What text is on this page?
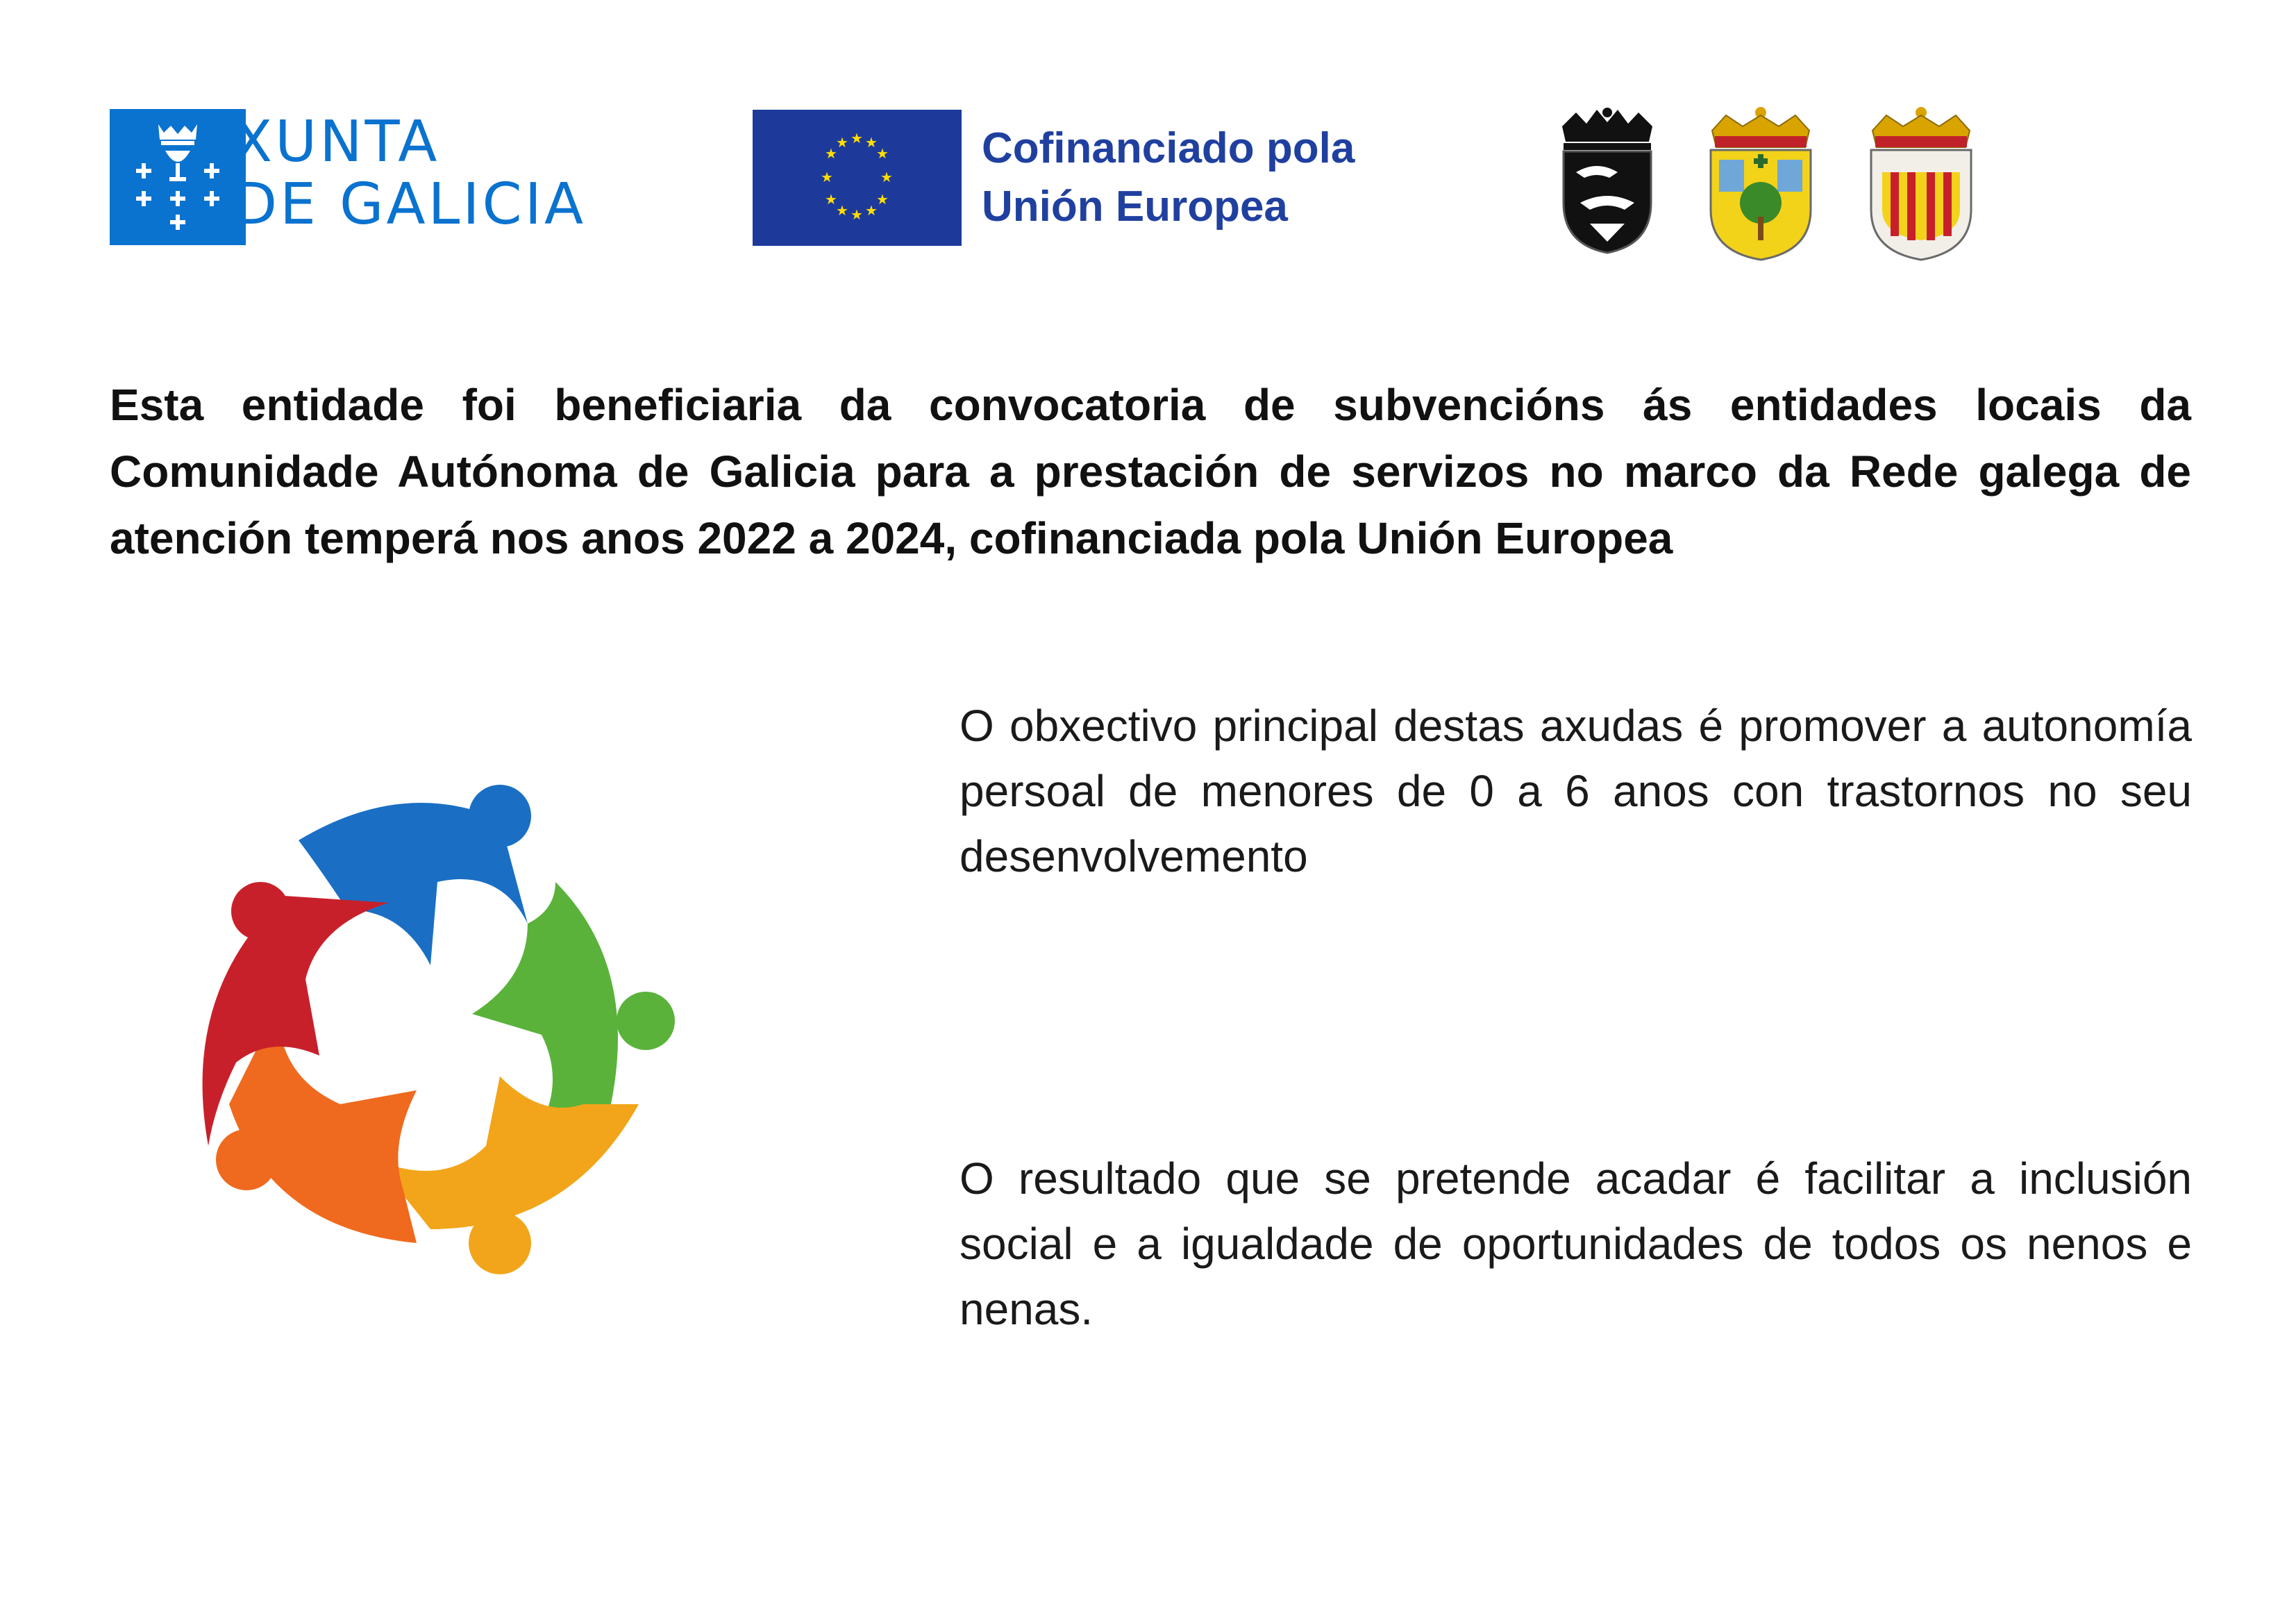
XUNTA
DE GALICIA
★ ★
★
★
★
★
★
★
★
★
★
★	Cofinanciado pola
Unión Europea
Esta entidade foi beneficiaria da convocatoria de subvencións ás entidades locais da Comunidade Autónoma de Galicia para a prestación de servizos no marco da Rede galega de atención temperá nos anos 2022 a 2024, cofinanciada pola Unión Europea
O obxectivo principal destas axudas é promover a autonomía persoal de menores de 0 a 6 anos con trastornos no seu desenvolvemento
O resultado que se pretende acadar é facilitar a inclusión social e a igualdade de oportunidades de todos os nenos e nenas.
